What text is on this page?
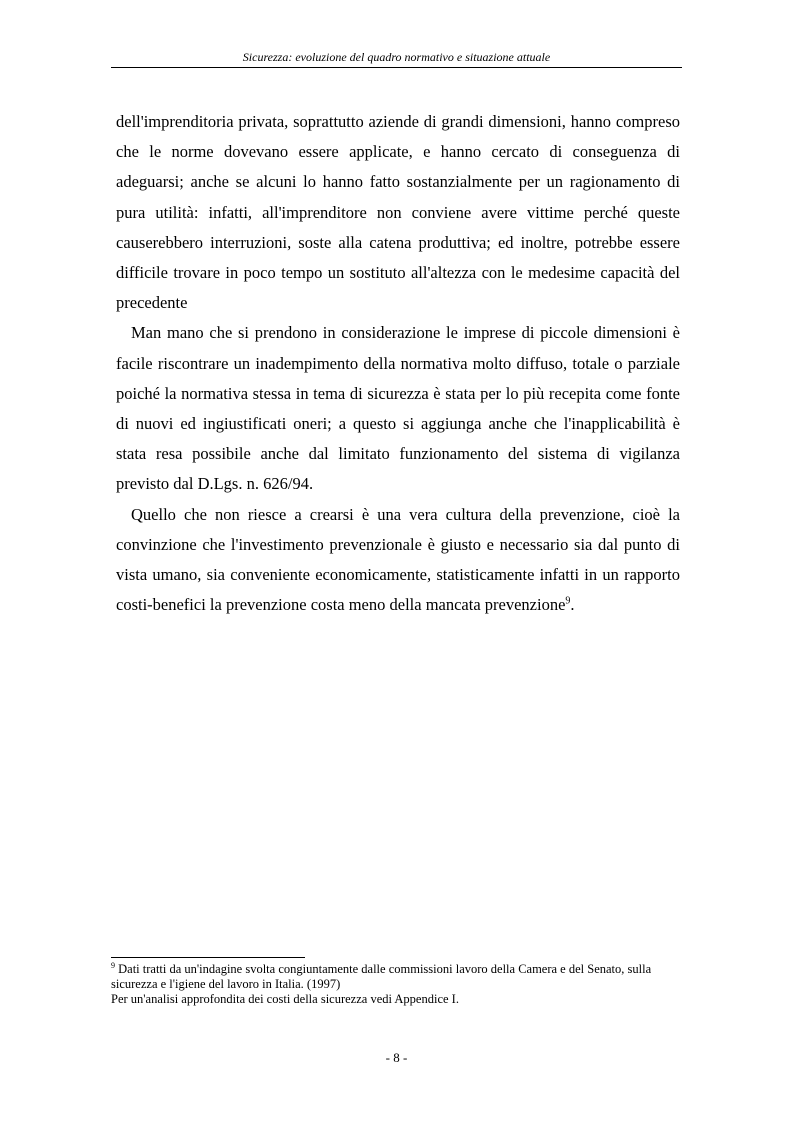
Sicurezza: evoluzione del quadro normativo e situazione attuale

dell'imprenditoria privata, soprattutto aziende di grandi dimensioni, hanno compreso che le norme dovevano essere applicate, e hanno cercato di conseguenza di adeguarsi; anche se alcuni lo hanno fatto sostanzialmente per un ragionamento di pura utilità: infatti, all'imprenditore non conviene avere vittime perché queste causerebbero interruzioni, soste alla catena produttiva; ed inoltre, potrebbe essere difficile trovare in poco tempo un sostituto all'altezza con le medesime capacità del precedente

Man mano che si prendono in considerazione le imprese di piccole dimensioni è facile riscontrare un inadempimento della normativa molto diffuso, totale o parziale poiché la normativa stessa in tema di sicurezza è stata per lo più recepita come fonte di nuovi ed ingiustificati oneri; a questo si aggiunga anche che l'inapplicabilità è stata resa possibile anche dal limitato funzionamento del sistema di vigilanza previsto dal D.Lgs. n. 626/94.

Quello che non riesce a crearsi è una vera cultura della prevenzione, cioè la convinzione che l'investimento prevenzionale è giusto e necessario sia dal punto di vista umano, sia conveniente economicamente, statisticamente infatti in un rapporto costi-benefici la prevenzione costa meno della mancata prevenzione$^9$.

$^9$ Dati tratti da un'indagine svolta congiuntamente dalle commissioni lavoro della Camera e del Senato, sulla sicurezza e l'igiene del lavoro in Italia. (1997)

Per un'analisi approfondita dei costi della sicurezza vedi Appendice I.

- 8 -
